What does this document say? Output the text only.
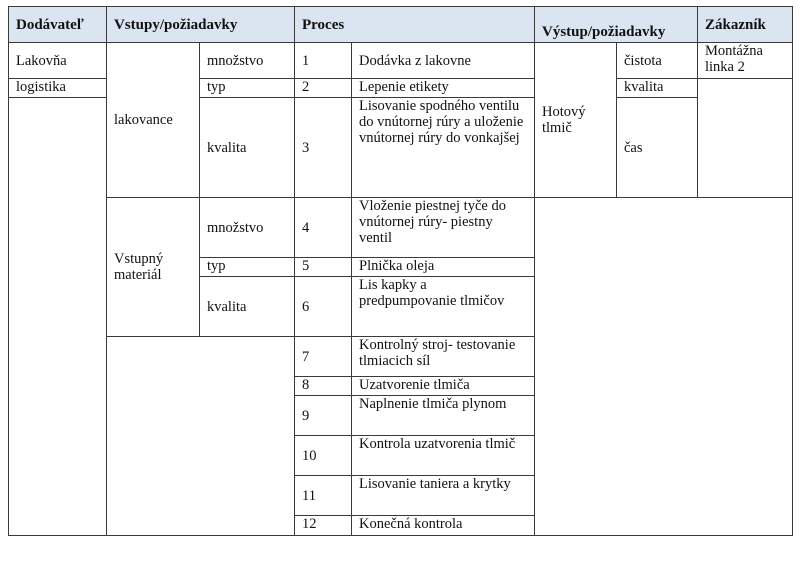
Dodávateľ	Vstupy/požiadavky		Proces		Výstup/požiadavky		Zákazník
Lakovňa	lakovance	množstvo	1	Dodávka z lakovne	Hotový tlmič	čistota	Montážna linka 2
logistika		typ	2	Lepenie etikety		kvalita	
		kvalita	3	Lisovanie spodného ventilu do vnútornej rúry a uloženie vnútornej rúry do vonkajšej		čas	
	Vstupný materiál	množstvo	4	Vloženie piestnej tyče do vnútornej rúry- piestny ventil			
		typ	5	Plnička oleja			
		kvalita	6	Lis kapky a predpumpovanie tlmičov			
			7	Kontrolný stroj- testovanie tlmiacich síl			
			8	Uzatvorenie tlmiča			
			9	Naplnenie tlmiča plynom			
			10	Kontrola uzatvorenia tlmič			
			11	Lisovanie taniera a krytky			
			12	Konečná kontrola			
